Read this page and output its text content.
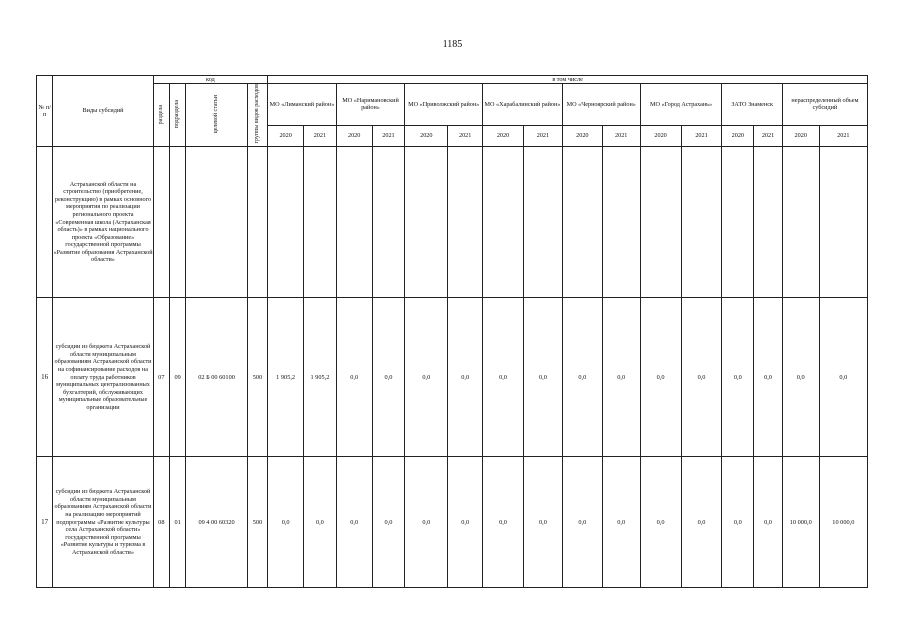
1185
№ п/п	Виды субсидий	код				в том числе															
		раздела	подраздела	целевой статьи	группы видов расходов	МО «Лиманский район»		МО «Наримановский район»		МО «Приволжский район»		МО «Харабалинский район»		МО «Черноярский район»		МО «Город Астрахань»		ЗАТО Знаменск		нераспределенный объем субсидий	
						2020	2021	2020	2021	2020	2021	2020	2021	2020	2021	2020	2021	2020	2021	2020	2021
	Астраханской области на строительство (приобретение, реконструкцию) в рамках основного мероприятия по реализации регионального проекта «Современная школа (Астраханская область)» в рамках национального проекта «Образование» государственной программы «Развитие образования Астраханской области»																				
16	субсидии из бюджета Астраханской области муниципальным образованиям Астраханской области на софинансирование расходов на оплату труда работников муниципальных централизованных бухгалтерий, обслуживающих муниципальные образовательные организации	07	09	02 Б 00 60100	500	1 905,2	1 905,2	0,0	0,0	0,0	0,0	0,0	0,0	0,0	0,0	0,0	0,0	0,0	0,0	0,0	0,0
17	субсидии из бюджета Астраханской области муниципальным образованиям Астраханской области на реализацию мероприятий подпрограммы «Развитие культуры села Астраханской области» государственной программы «Развитие культуры и туризма в Астраханской области»	08	01	09 4 00 60320	500	0,0	0,0	0,0	0,0	0,0	0,0	0,0	0,0	0,0	0,0	0,0	0,0	0,0	0,0	10 000,0	10 000,0
